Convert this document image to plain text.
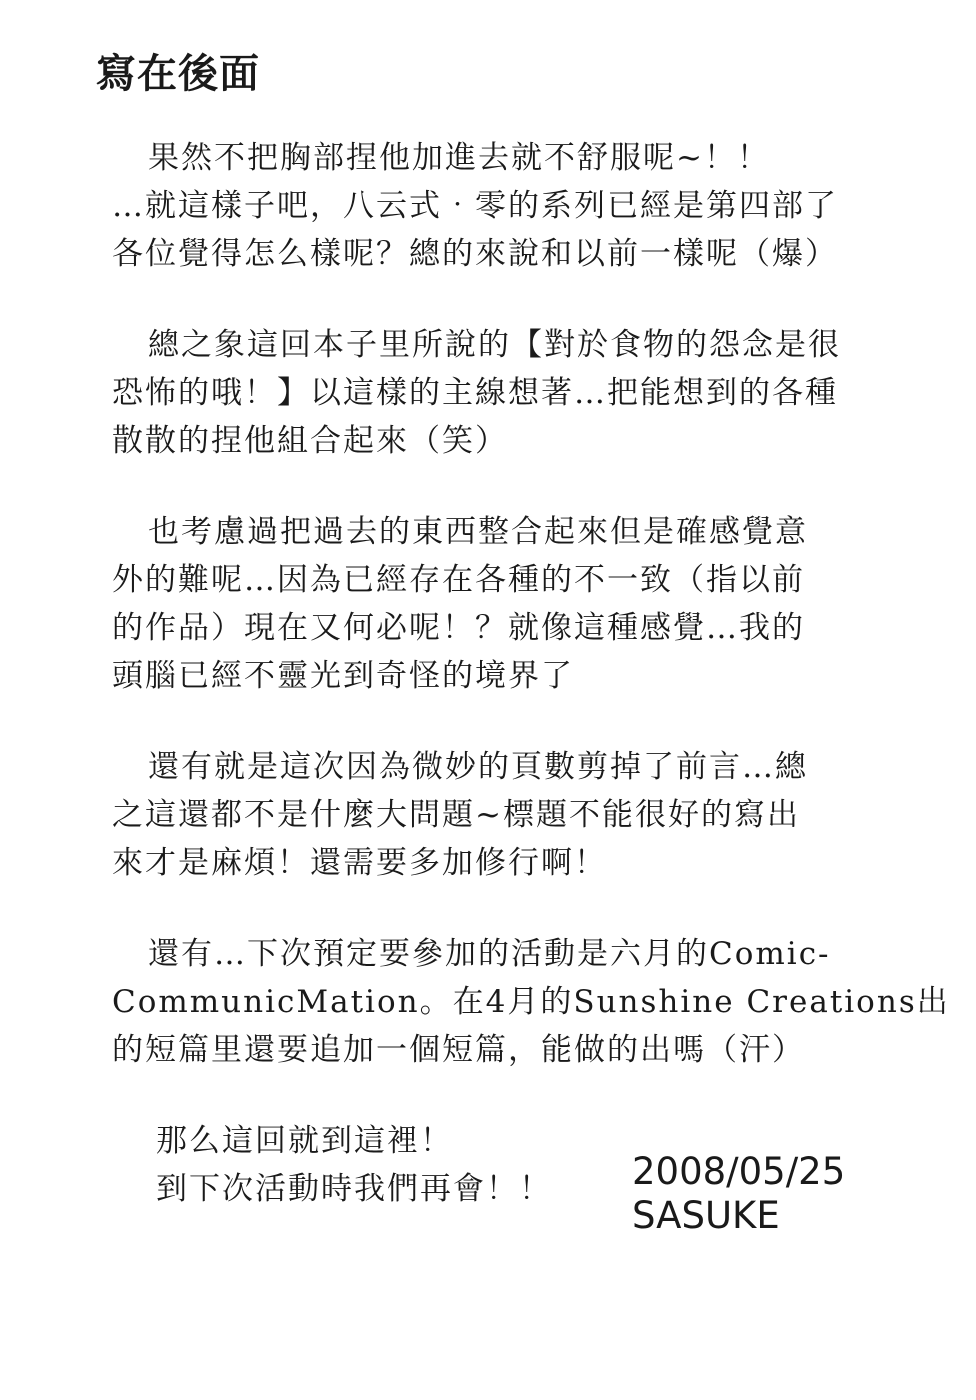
寫在後面
果然不把胸部捏他加進去就不舒服呢~！！
…就這樣子吧，八云式‧零的系列已經是第四部了
各位覺得怎么樣呢？總的來說和以前一樣呢（爆）
總之象這回本子里所說的【對於食物的怨念是很
恐怖的哦！】以這樣的主線想著…把能想到的各種
散散的捏他組合起來（笑）
也考慮過把過去的東西整合起來但是確感覺意
外的難呢…因為已經存在各種的不一致（指以前
的作品）現在又何必呢！？就像這種感覺…我的
頭腦已經不靈光到奇怪的境界了
還有就是這次因為微妙的頁數剪掉了前言…總
之這還都不是什麼大問題~標題不能很好的寫出
來才是麻煩！還需要多加修行啊！
還有…下次預定要參加的活動是六月的Comic-
CommunicMation。在4月的Sunshine Creations出
的短篇里還要追加一個短篇，能做的出嗎（汗）
那么這回就到這裡！
到下次活動時我們再會！！	2008/05/25
SASUKE
